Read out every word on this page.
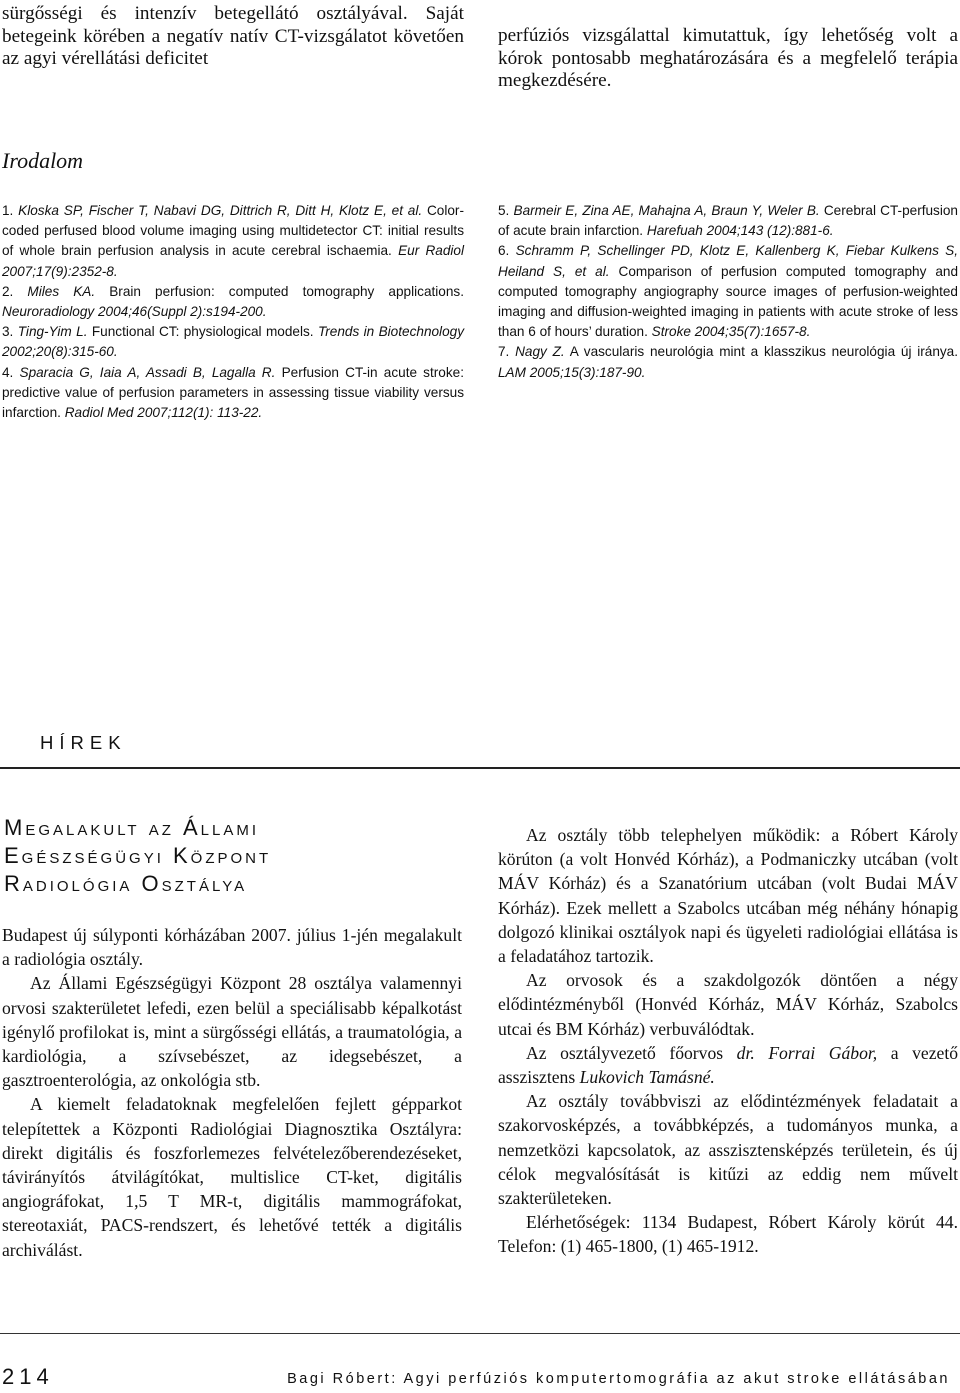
sürgősségi és intenzív betegellátó osztályával. Saját betegeink körében a negatív natív CT-vizsgálatot követően az agyi vérellátási deficitet

perfúziós vizsgálattal kimutattuk, így lehetőség volt a kórok pontosabb meghatározására és a megfelelő terápia megkezdésére.

Irodalom

1. Kloska SP, Fischer T, Nabavi DG, Dittrich R, Ditt H, Klotz E, et al. Color-coded perfused blood volume imaging using multidetector CT: initial results of whole brain perfusion analysis in acute cerebral ischaemia. Eur Radiol 2007;17(9):2352-8.

2. Miles KA. Brain perfusion: computed tomography applications. Neuroradiology 2004;46(Suppl 2):s194-200.

3. Ting-Yim L. Functional CT: physiological models. Trends in Biotechnology 2002;20(8):315-60.

4. Sparacia G, Iaia A, Assadi B, Lagalla R. Perfusion CT-in acute stroke: predictive value of perfusion parameters in assessing tissue viability versus infarction. Radiol Med 2007;112(1): 113-22.

5. Barmeir E, Zina AE, Mahajna A, Braun Y, Weler B. Cerebral CT-perfusion of acute brain infarction. Harefuah 2004;143 (12):881-6.

6. Schramm P, Schellinger PD, Klotz E, Kallenberg K, Fiebar Kulkens S, Heiland S, et al. Comparison of perfusion computed tomography and computed tomography angiography source images of perfusion-weighted imaging and diffusion-weighted imaging in patients with acute stroke of less than 6 of hours’ duration. Stroke 2004;35(7):1657-8.

7. Nagy Z. A vascularis neurológia mint a klasszikus neurológia új iránya. LAM 2005;15(3):187-90.

HÍREK
Megalakult az Állami
Egészségügyi Központ
Radiológia Osztálya

Budapest új súlyponti kórházában 2007. július 1-jén megalakult a radiológia osztály.

Az Állami Egészségügyi Központ 28 osztálya valamennyi orvosi szakterületet lefedi, ezen belül a speciálisabb képalkotást igénylő profilokat is, mint a sürgősségi ellátás, a traumatológia, a kardiológia, a szívsebészet, az idegsebészet, a gasztroenterológia, az onkológia stb.

A kiemelt feladatoknak megfelelően fejlett gépparkot telepítettek a Központi Radiológiai Diagnosztika Osztályra: direkt digitális és foszforlemezes felvételezőberendezéseket, távirányítós átvilágítókat, multislice CT-ket, digitális angiográfokat, 1,5 T MR-t, digitális mammográfokat, stereotaxiát, PACS-rendszert, és lehetővé tették a digitális archiválást.

Az osztály több telephelyen működik: a Róbert Károly körúton (a volt Honvéd Kórház), a Podmaniczky utcában (volt MÁV Kórház) és a Szanatórium utcában (volt Budai MÁV Kórház). Ezek mellett a Szabolcs utcában még néhány hónapig dolgozó klinikai osztályok napi és ügyeleti radiológiai ellátása is a feladatához tartozik.

Az orvosok és a szakdolgozók döntően a négy elődintézményből (Honvéd Kórház, MÁV Kórház, Szabolcs utcai és BM Kórház) verbuválódtak.

Az osztályvezető főorvos dr. Forrai Gábor, a vezető asszisztens Lukovich Tamásné.

Az osztály továbbviszi az elődintézmények feladatait a szakorvosképzés, a továbbképzés, a tudományos munka, a nemzetközi kapcsolatok, az asszisztensképzés területein, és új célok megvalósítását is kitűzi az eddig nem művelt szakterületeken.

Elérhetőségek: 1134 Budapest, Róbert Károly körút 44. Telefon: (1) 465-1800, (1) 465-1912.

214	Bagi Róbert: Agyi perfúziós komputertomográfia az akut stroke ellátásában
